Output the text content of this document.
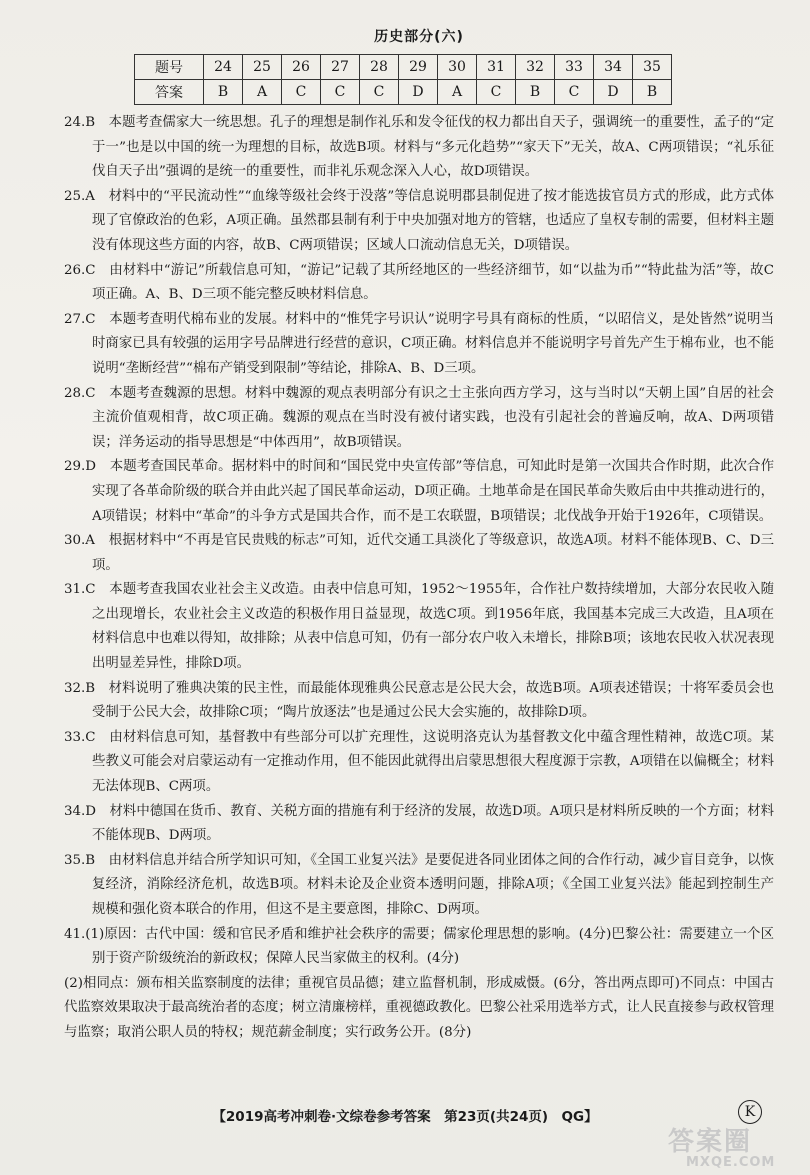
历史部分(六)
题号	24	25	26	27	28	29	30	31	32	33	34	35
答案	B	A	C	C	C	D	A	C	B	C	D	B

24.B　本题考查儒家大一统思想。孔子的理想是制作礼乐和发令征伐的权力都出自天子，强调统一的重要性，孟子的“定于一”也是以中国的统一为理想的目标，故选B项。材料与“多元化趋势”“家天下”无关，故A、C两项错误；“礼乐征伐自天子出”强调的是统一的重要性，而非礼乐观念深入人心，故D项错误。

25.A　材料中的“平民流动性”“血缘等级社会终于没落”等信息说明郡县制促进了按才能选拔官员方式的形成，此方式体现了官僚政治的色彩，A项正确。虽然郡县制有利于中央加强对地方的管辖，也适应了皇权专制的需要，但材料主题没有体现这些方面的内容，故B、C两项错误；区域人口流动信息无关，D项错误。

26.C　由材料中“游记”所载信息可知，“游记”记载了其所经地区的一些经济细节，如“以盐为币”“特此盐为活”等，故C项正确。A、B、D三项不能完整反映材料信息。

27.C　本题考查明代棉布业的发展。材料中的“惟凭字号识认”说明字号具有商标的性质，“以昭信义，是处皆然”说明当时商家已具有较强的运用字号品牌进行经营的意识，C项正确。材料信息并不能说明字号首先产生于棉布业，也不能说明“垄断经营”“棉布产销受到限制”等结论，排除A、B、D三项。

28.C　本题考查魏源的思想。材料中魏源的观点表明部分有识之士主张向西方学习，这与当时以“天朝上国”自居的社会主流价值观相背，故C项正确。魏源的观点在当时没有被付诸实践，也没有引起社会的普遍反响，故A、D两项错误；洋务运动的指导思想是“中体西用”，故B项错误。

29.D　本题考查国民革命。据材料中的时间和“国民党中央宣传部”等信息，可知此时是第一次国共合作时期，此次合作实现了各革命阶级的联合并由此兴起了国民革命运动，D项正确。土地革命是在国民革命失败后由中共推动进行的，A项错误；材料中“革命”的斗争方式是国共合作，而不是工农联盟，B项错误；北伐战争开始于1926年，C项错误。

30.A　根据材料中“不再是官民贵贱的标志”可知，近代交通工具淡化了等级意识，故选A项。材料不能体现B、C、D三项。

31.C　本题考查我国农业社会主义改造。由表中信息可知，1952～1955年，合作社户数持续增加，大部分农民收入随之出现增长，农业社会主义改造的积极作用日益显现，故选C项。到1956年底，我国基本完成三大改造，且A项在材料信息中也难以得知，故排除；从表中信息可知，仍有一部分农户收入未增长，排除B项；该地农民收入状况表现出明显差异性，排除D项。

32.B　材料说明了雅典决策的民主性，而最能体现雅典公民意志是公民大会，故选B项。A项表述错误；十将军委员会也受制于公民大会，故排除C项；“陶片放逐法”也是通过公民大会实施的，故排除D项。

33.C　由材料信息可知，基督教中有些部分可以扩充理性，这说明洛克认为基督教文化中蕴含理性精神，故选C项。某些教义可能会对启蒙运动有一定推动作用，但不能因此就得出启蒙思想很大程度源于宗教，A项错在以偏概全；材料无法体现B、C两项。

34.D　材料中德国在货币、教育、关税方面的措施有利于经济的发展，故选D项。A项只是材料所反映的一个方面；材料不能体现B、D两项。

35.B　由材料信息并结合所学知识可知，《全国工业复兴法》是要促进各同业团体之间的合作行动，减少盲目竞争，以恢复经济，消除经济危机，故选B项。材料未论及企业资本透明问题，排除A项；《全国工业复兴法》能起到控制生产规模和强化资本联合的作用，但这不是主要意图，排除C、D两项。

41.(1)原因：古代中国：缓和官民矛盾和维护社会秩序的需要；儒家伦理思想的影响。(4分)巴黎公社：需要建立一个区别于资产阶级统治的新政权；保障人民当家做主的权利。(4分)

(2)相同点：颁布相关监察制度的法律；重视官员品德；建立监督机制，形成威慑。(6分，答出两点即可)不同点：中国古代监察效果取决于最高统治者的态度；树立清廉榜样，重视德政教化。巴黎公社采用选举方式，让人民直接参与政权管理与监察；取消公职人员的特权；规范薪金制度；实行政务公开。(8分)

【2019高考冲刺卷·文综卷参考答案　第23页(共24页)　QG】	K
答案圈
MXQE.COM
